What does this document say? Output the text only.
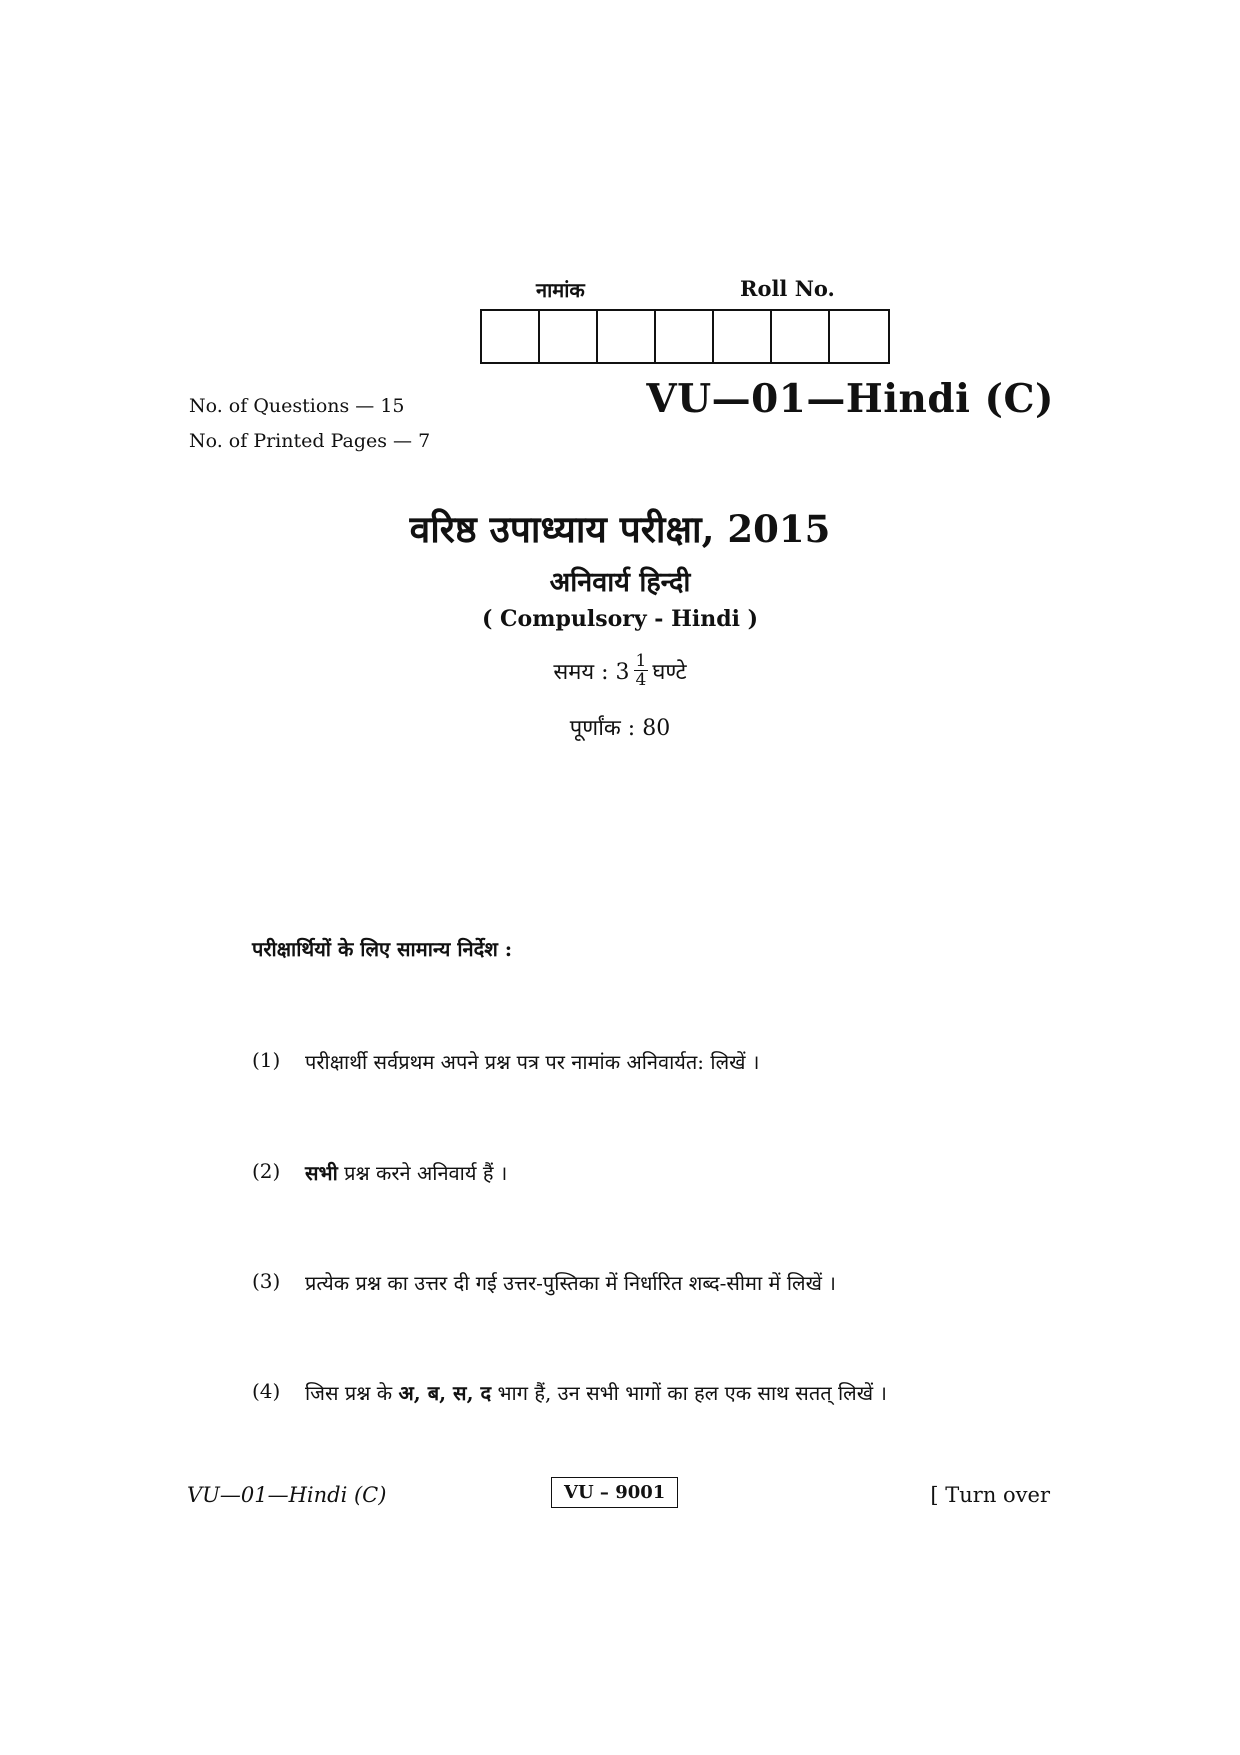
नामांक	Roll No.
No. of Questions — 15
No. of Printed Pages — 7
VU—01—Hindi (C)
वरिष्ठ उपाध्याय परीक्षा, 2015
अनिवार्य हिन्दी
( Compulsory - Hindi )
समय : $3 \frac{1}{4}$ घण्टे
पूर्णांक : 80
परीक्षार्थियों के लिए सामान्य निर्देश :
(1)	परीक्षार्थी सर्वप्रथम अपने प्रश्न पत्र पर नामांक अनिवार्यत: लिखें ।
(2)	सभी प्रश्न करने अनिवार्य हैं ।
(3)	प्रत्येक प्रश्न का उत्तर दी गई उत्तर-पुस्तिका में निर्धारित शब्द-सीमा में लिखें ।
(4)	जिस प्रश्न के अ, ब, स, द भाग हैं, उन सभी भागों का हल एक साथ सतत् लिखें ।
VU—01—Hindi (C)	VU – 9001	[ Turn over
